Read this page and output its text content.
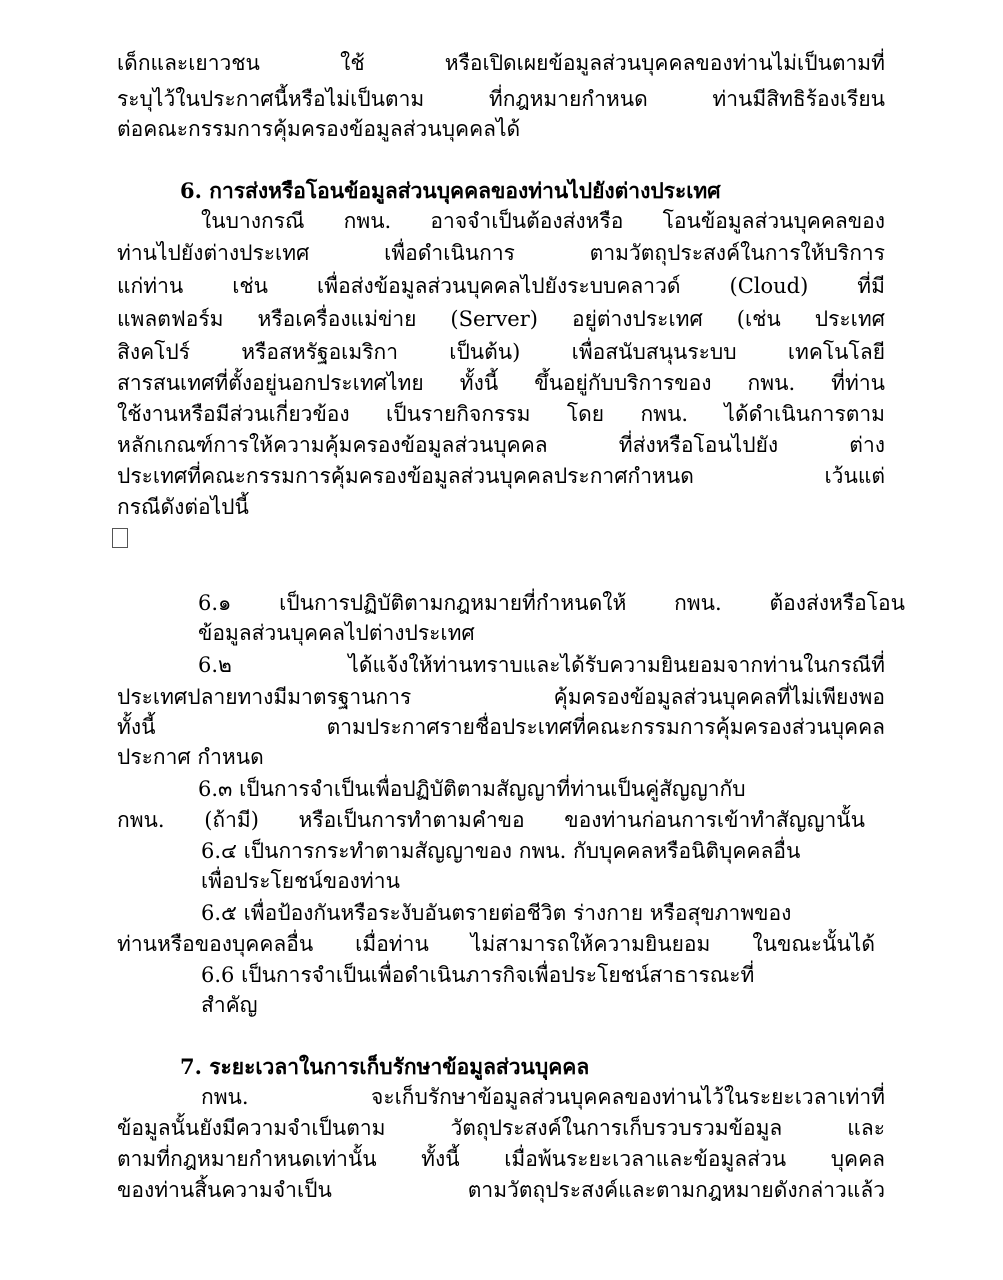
เด็กและเยาวชน ใช้ หรือเปิดเผยข้อมูลส่วนบุคคลของท่านไม่เป็นตามที่
ระบุไว้ในประกาศนี้หรือไม่เป็นตาม ที่กฎหมายกำหนด ท่านมีสิทธิร้องเรียน
ต่อคณะกรรมการคุ้มครองข้อมูลส่วนบุคคลได้
6. การส่งหรือโอนข้อมูลส่วนบุคคลของท่านไปยังต่างประเทศ
ในบางกรณี กพน. อาจจำเป็นต้องส่งหรือ โอนข้อมูลส่วนบุคคลของ
ท่านไปยังต่างประเทศ เพื่อดำเนินการ ตามวัตถุประสงค์ในการให้บริการ
แก่ท่าน เช่น เพื่อส่งข้อมูลส่วนบุคคลไปยังระบบคลาวด์ (Cloud) ที่มี
แพลตฟอร์ม หรือเครื่องแม่ข่าย (Server) อยู่ต่างประเทศ (เช่น ประเทศ
สิงคโปร์ หรือสหรัฐอเมริกา เป็นต้น) เพื่อสนับสนุนระบบ เทคโนโลยี
สารสนเทศที่ตั้งอยู่นอกประเทศไทย ทั้งนี้ ขึ้นอยู่กับบริการของ กพน. ที่ท่าน
ใช้งานหรือมีส่วนเกี่ยวข้อง เป็นรายกิจกรรม โดย กพน. ได้ดำเนินการตาม
หลักเกณฑ์การให้ความคุ้มครองข้อมูลส่วนบุคคล ที่ส่งหรือโอนไปยัง ต่าง
ประเทศที่คณะกรรมการคุ้มครองข้อมูลส่วนบุคคลประกาศกำหนด เว้นแต่
กรณีดังต่อไปนี้
6.๑ เป็นการปฏิบัติตามกฎหมายที่กำหนดให้ กพน. ต้องส่งหรือโอน
ข้อมูลส่วนบุคคลไปต่างประเทศ
6.๒ ได้แจ้งให้ท่านทราบและได้รับความยินยอมจากท่านในกรณีที่
ประเทศปลายทางมีมาตรฐานการ คุ้มครองข้อมูลส่วนบุคคลที่ไม่เพียงพอ
ทั้งนี้ ตามประกาศรายชื่อประเทศที่คณะกรรมการคุ้มครองส่วนบุคคล
ประกาศ กำหนด
6.๓ เป็นการจำเป็นเพื่อปฏิบัติตามสัญญาที่ท่านเป็นคู่สัญญากับ
กพน. (ถ้ามี) หรือเป็นการทำตามคำขอ ของท่านก่อนการเข้าทำสัญญานั้น
6.๔ เป็นการกระทำตามสัญญาของ กพน. กับบุคคลหรือนิติบุคคลอื่น
เพื่อประโยชน์ของท่าน
6.๕ เพื่อป้องกันหรือระงับอันตรายต่อชีวิต ร่างกาย หรือสุขภาพของ
ท่านหรือของบุคคลอื่น เมื่อท่าน ไม่สามารถให้ความยินยอม ในขณะนั้นได้
6.6 เป็นการจำเป็นเพื่อดำเนินภารกิจเพื่อประโยชน์สาธารณะที่
สำคัญ
7. ระยะเวลาในการเก็บรักษาข้อมูลส่วนบุคคล
กพน. จะเก็บรักษาข้อมูลส่วนบุคคลของท่านไว้ในระยะเวลาเท่าที่
ข้อมูลนั้นยังมีความจำเป็นตาม วัตถุประสงค์ในการเก็บรวบรวมข้อมูล และ
ตามที่กฎหมายกำหนดเท่านั้น ทั้งนี้ เมื่อพ้นระยะเวลาและข้อมูลส่วน บุคคล
ของท่านสิ้นความจำเป็น ตามวัตถุประสงค์และตามกฎหมายดังกล่าวแล้ว
